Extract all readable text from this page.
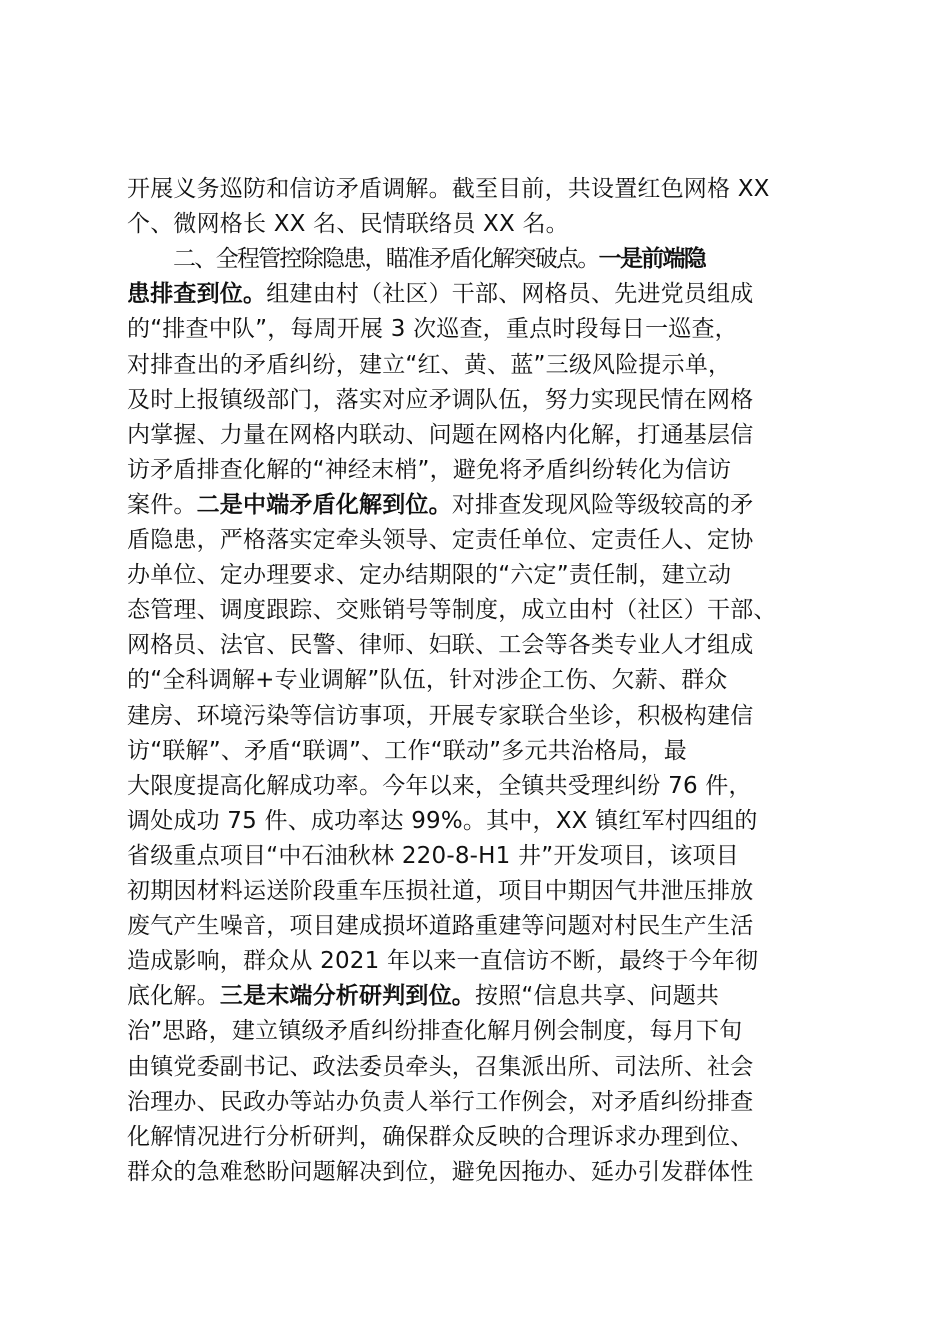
开展义务巡防和信访矛盾调解。截至目前，共设置红色网格 XX
个、微网格长 XX 名、民情联络员 XX 名。
二、全程管控除隐患，瞄准矛盾化解突破点。一是前端隐
患排查到位。组建由村（社区）干部、网格员、先进党员组成
的“排查中队”，每周开展 3 次巡查，重点时段每日一巡查，
对排查出的矛盾纠纷，建立“红、黄、蓝”三级风险提示单，
及时上报镇级部门，落实对应矛调队伍，努力实现民情在网格
内掌握、力量在网格内联动、问题在网格内化解，打通基层信
访矛盾排查化解的“神经末梢”，避免将矛盾纠纷转化为信访
案件。二是中端矛盾化解到位。对排查发现风险等级较高的矛
盾隐患，严格落实定牵头领导、定责任单位、定责任人、定协
办单位、定办理要求、定办结期限的“六定”责任制，建立动
态管理、调度跟踪、交账销号等制度，成立由村（社区）干部、
网格员、法官、民警、律师、妇联、工会等各类专业人才组成
的“全科调解+专业调解”队伍，针对涉企工伤、欠薪、群众
建房、环境污染等信访事项，开展专家联合坐诊，积极构建信
访“联解”、矛盾“联调”、工作“联动”多元共治格局，最
大限度提高化解成功率。今年以来，全镇共受理纠纷 76 件，
调处成功 75 件、成功率达 99%。其中，XX 镇红军村四组的
省级重点项目“中石油秋林 220-8-H1 井”开发项目，该项目
初期因材料运送阶段重车压损社道，项目中期因气井泄压排放
废气产生噪音，项目建成损坏道路重建等问题对村民生产生活
造成影响，群众从 2021 年以来一直信访不断，最终于今年彻
底化解。三是末端分析研判到位。按照“信息共享、问题共
治”思路，建立镇级矛盾纠纷排查化解月例会制度，每月下旬
由镇党委副书记、政法委员牵头，召集派出所、司法所、社会
治理办、民政办等站办负责人举行工作例会，对矛盾纠纷排查
化解情况进行分析研判，确保群众反映的合理诉求办理到位、
群众的急难愁盼问题解决到位，避免因拖办、延办引发群体性
